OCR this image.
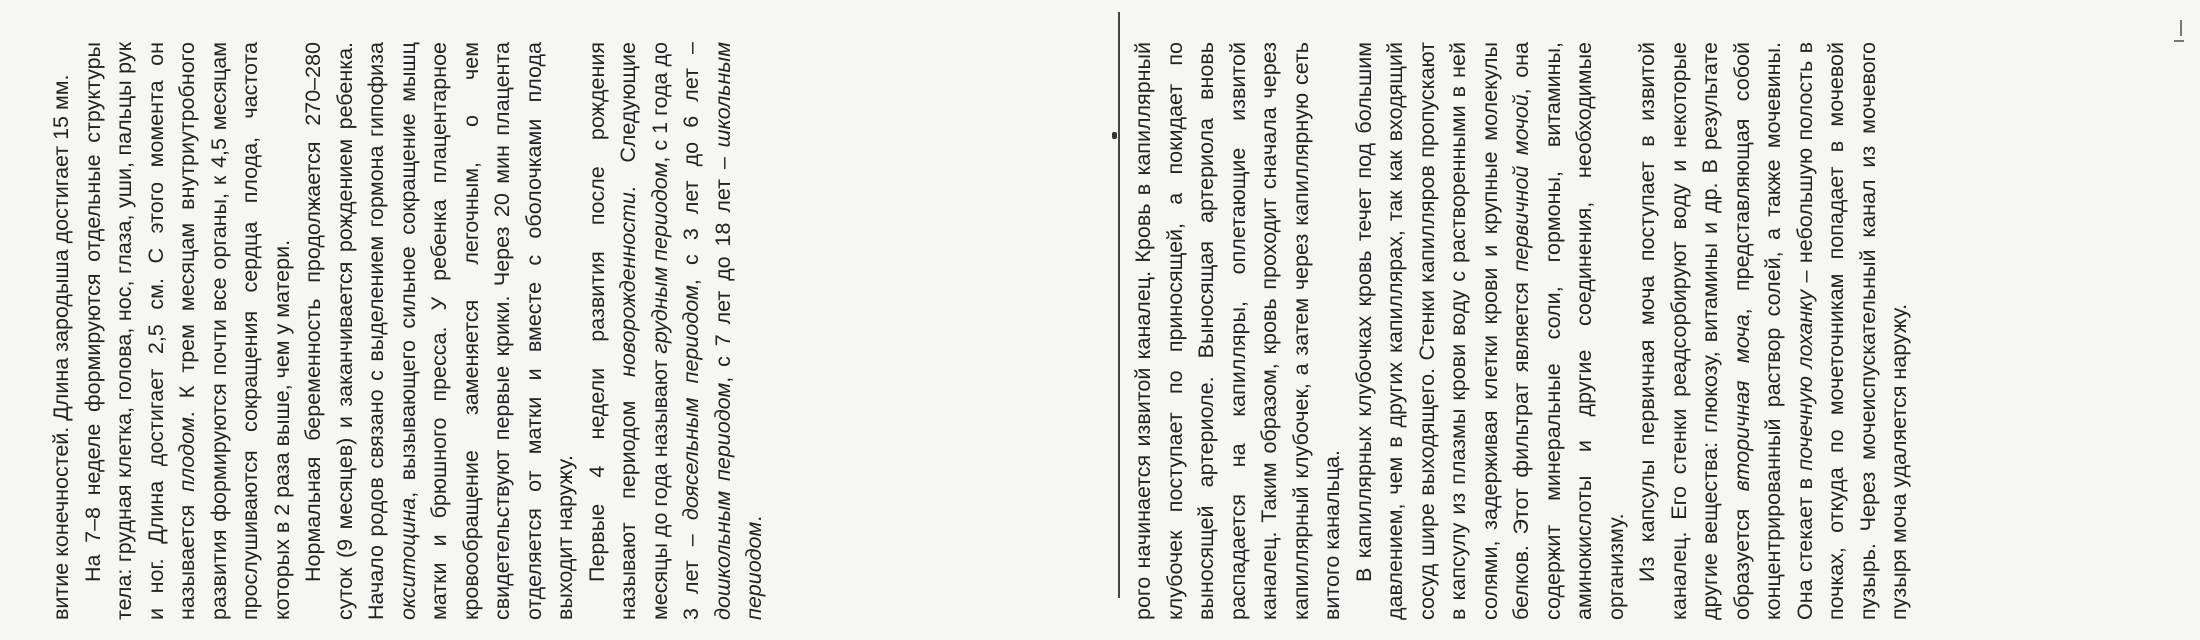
витие конечностей. Длина зародыша достигает 15 мм. На 7–8 неделе формируются отдельные структуры тела: грудная клетка, голова, нос, глаза, уши, пальцы рук и ног. Длина достигает 2,5 см. С этого момента он называется плодом. К трем месяцам внутриутробного развития формируются почти все органы, к 4,5 месяцам прослушиваются сокращения сердца плода, частота которых в 2 раза выше, чем у матери. Нормальная беременность продолжается 270–280 суток (9 месяцев) и заканчивается рождением ребенка. Начало родов связано с выделением гормона гипофиза окситоцина, вызывающего сильное сокращение мышц матки и брюшного пресса. У ребенка плацентарное кровообращение заменяется легочным, о чем свидетельствуют первые крики. Через 20 мин плацента отделяется от матки и вместе с оболочками плода выходит наружу. Первые 4 недели развития после рождения называют периодом новорожденности. Следующие месяцы до года называют грудным периодом, с 1 года до 3 лет – доясельным периодом, с 3 лет до 6 лет – дошкольным периодом, с 7 лет до 18 лет – школьным периодом.	рого начинается извитой каналец. Кровь в капиллярный клубочек поступает по приносящей, а покидает по выносящей артериоле. Выносящая артериола вновь распадается на капилляры, оплетающие извитой каналец. Таким образом, кровь проходит сначала через капиллярный клубочек, а затем через капиллярную сеть витого канальца. В капиллярных клубочках кровь течет под большим давлением, чем в других капиллярах, так как входящий сосуд шире выходящего. Стенки капилляров пропускают в капсулу из плазмы крови воду с растворенными в ней солями, задерживая клетки крови и крупные молекулы белков. Этот фильтрат является первичной мочой, она содержит минеральные соли, гормоны, витамины, аминокислоты и другие соединения, необходимые организму. Из капсулы первичная моча поступает в извитой каналец. Его стенки реадсорбируют воду и некоторые другие вещества: глюкозу, витамины и др. В результате образуется вторичная моча, представляющая собой концентрированный раствор солей, а также мочевины. Она стекает в почечную лоханку – небольшую полость в почках, откуда по мочеточникам попадает в мочевой пузырь. Через мочеиспускательный канал из мочевого пузыря моча удаляется наружу.
